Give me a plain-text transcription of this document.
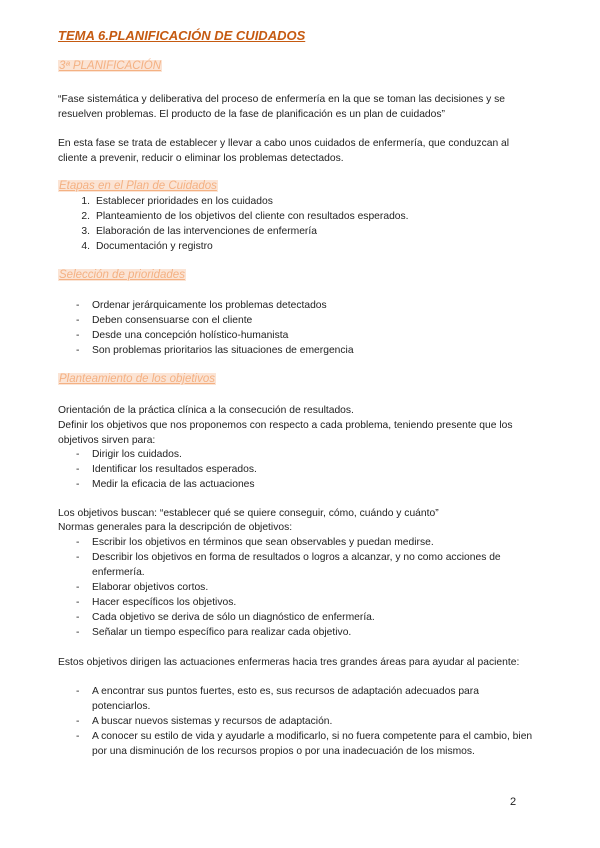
TEMA 6.PLANIFICACIÓN DE CUIDADOS
3ª PLANIFICACIÓN
“Fase sistemática y deliberativa del proceso de enfermería en la que se toman las decisiones y se resuelven problemas. El producto de la fase de planificación es un plan de cuidados”
En esta fase se trata de establecer y llevar a cabo unos cuidados de enfermería, que conduzcan al cliente a prevenir, reducir o eliminar los problemas detectados.
Etapas en el Plan de Cuidados
1. Establecer prioridades en los cuidados
2. Planteamiento de los objetivos del cliente con resultados esperados.
3. Elaboración de las intervenciones de enfermería
4. Documentación y registro
Selección de prioridades
- Ordenar jerárquicamente los problemas detectados
- Deben consensuarse con el cliente
- Desde una concepción holístico-humanista
- Son problemas prioritarios las situaciones de emergencia
Planteamiento de los objetivos
Orientación de la práctica clínica a la consecución de resultados.
Definir los objetivos que nos proponemos con respecto a cada problema, teniendo presente que los objetivos sirven para:
- Dirigir los cuidados.
- Identificar los resultados esperados.
- Medir la eficacia de las actuaciones
Los objetivos buscan: “establecer qué se quiere conseguir, cómo, cuándo y cuánto”
Normas generales para la descripción de objetivos:
- Escribir los objetivos en términos que sean observables y puedan medirse.
- Describir los objetivos en forma de resultados o logros a alcanzar, y no como acciones de enfermería.
- Elaborar objetivos cortos.
- Hacer específicos los objetivos.
- Cada objetivo se deriva de sólo un diagnóstico de enfermería.
- Señalar un tiempo específico para realizar cada objetivo.
Estos objetivos dirigen las actuaciones enfermeras hacia tres grandes áreas para ayudar al paciente:
- A encontrar sus puntos fuertes, esto es, sus recursos de adaptación adecuados para potenciarlos.
- A buscar nuevos sistemas y recursos de adaptación.
- A conocer su estilo de vida y ayudarle a modificarlo, si no fuera competente para el cambio, bien por una disminución de los recursos propios o por una inadecuación de los mismos.
2
